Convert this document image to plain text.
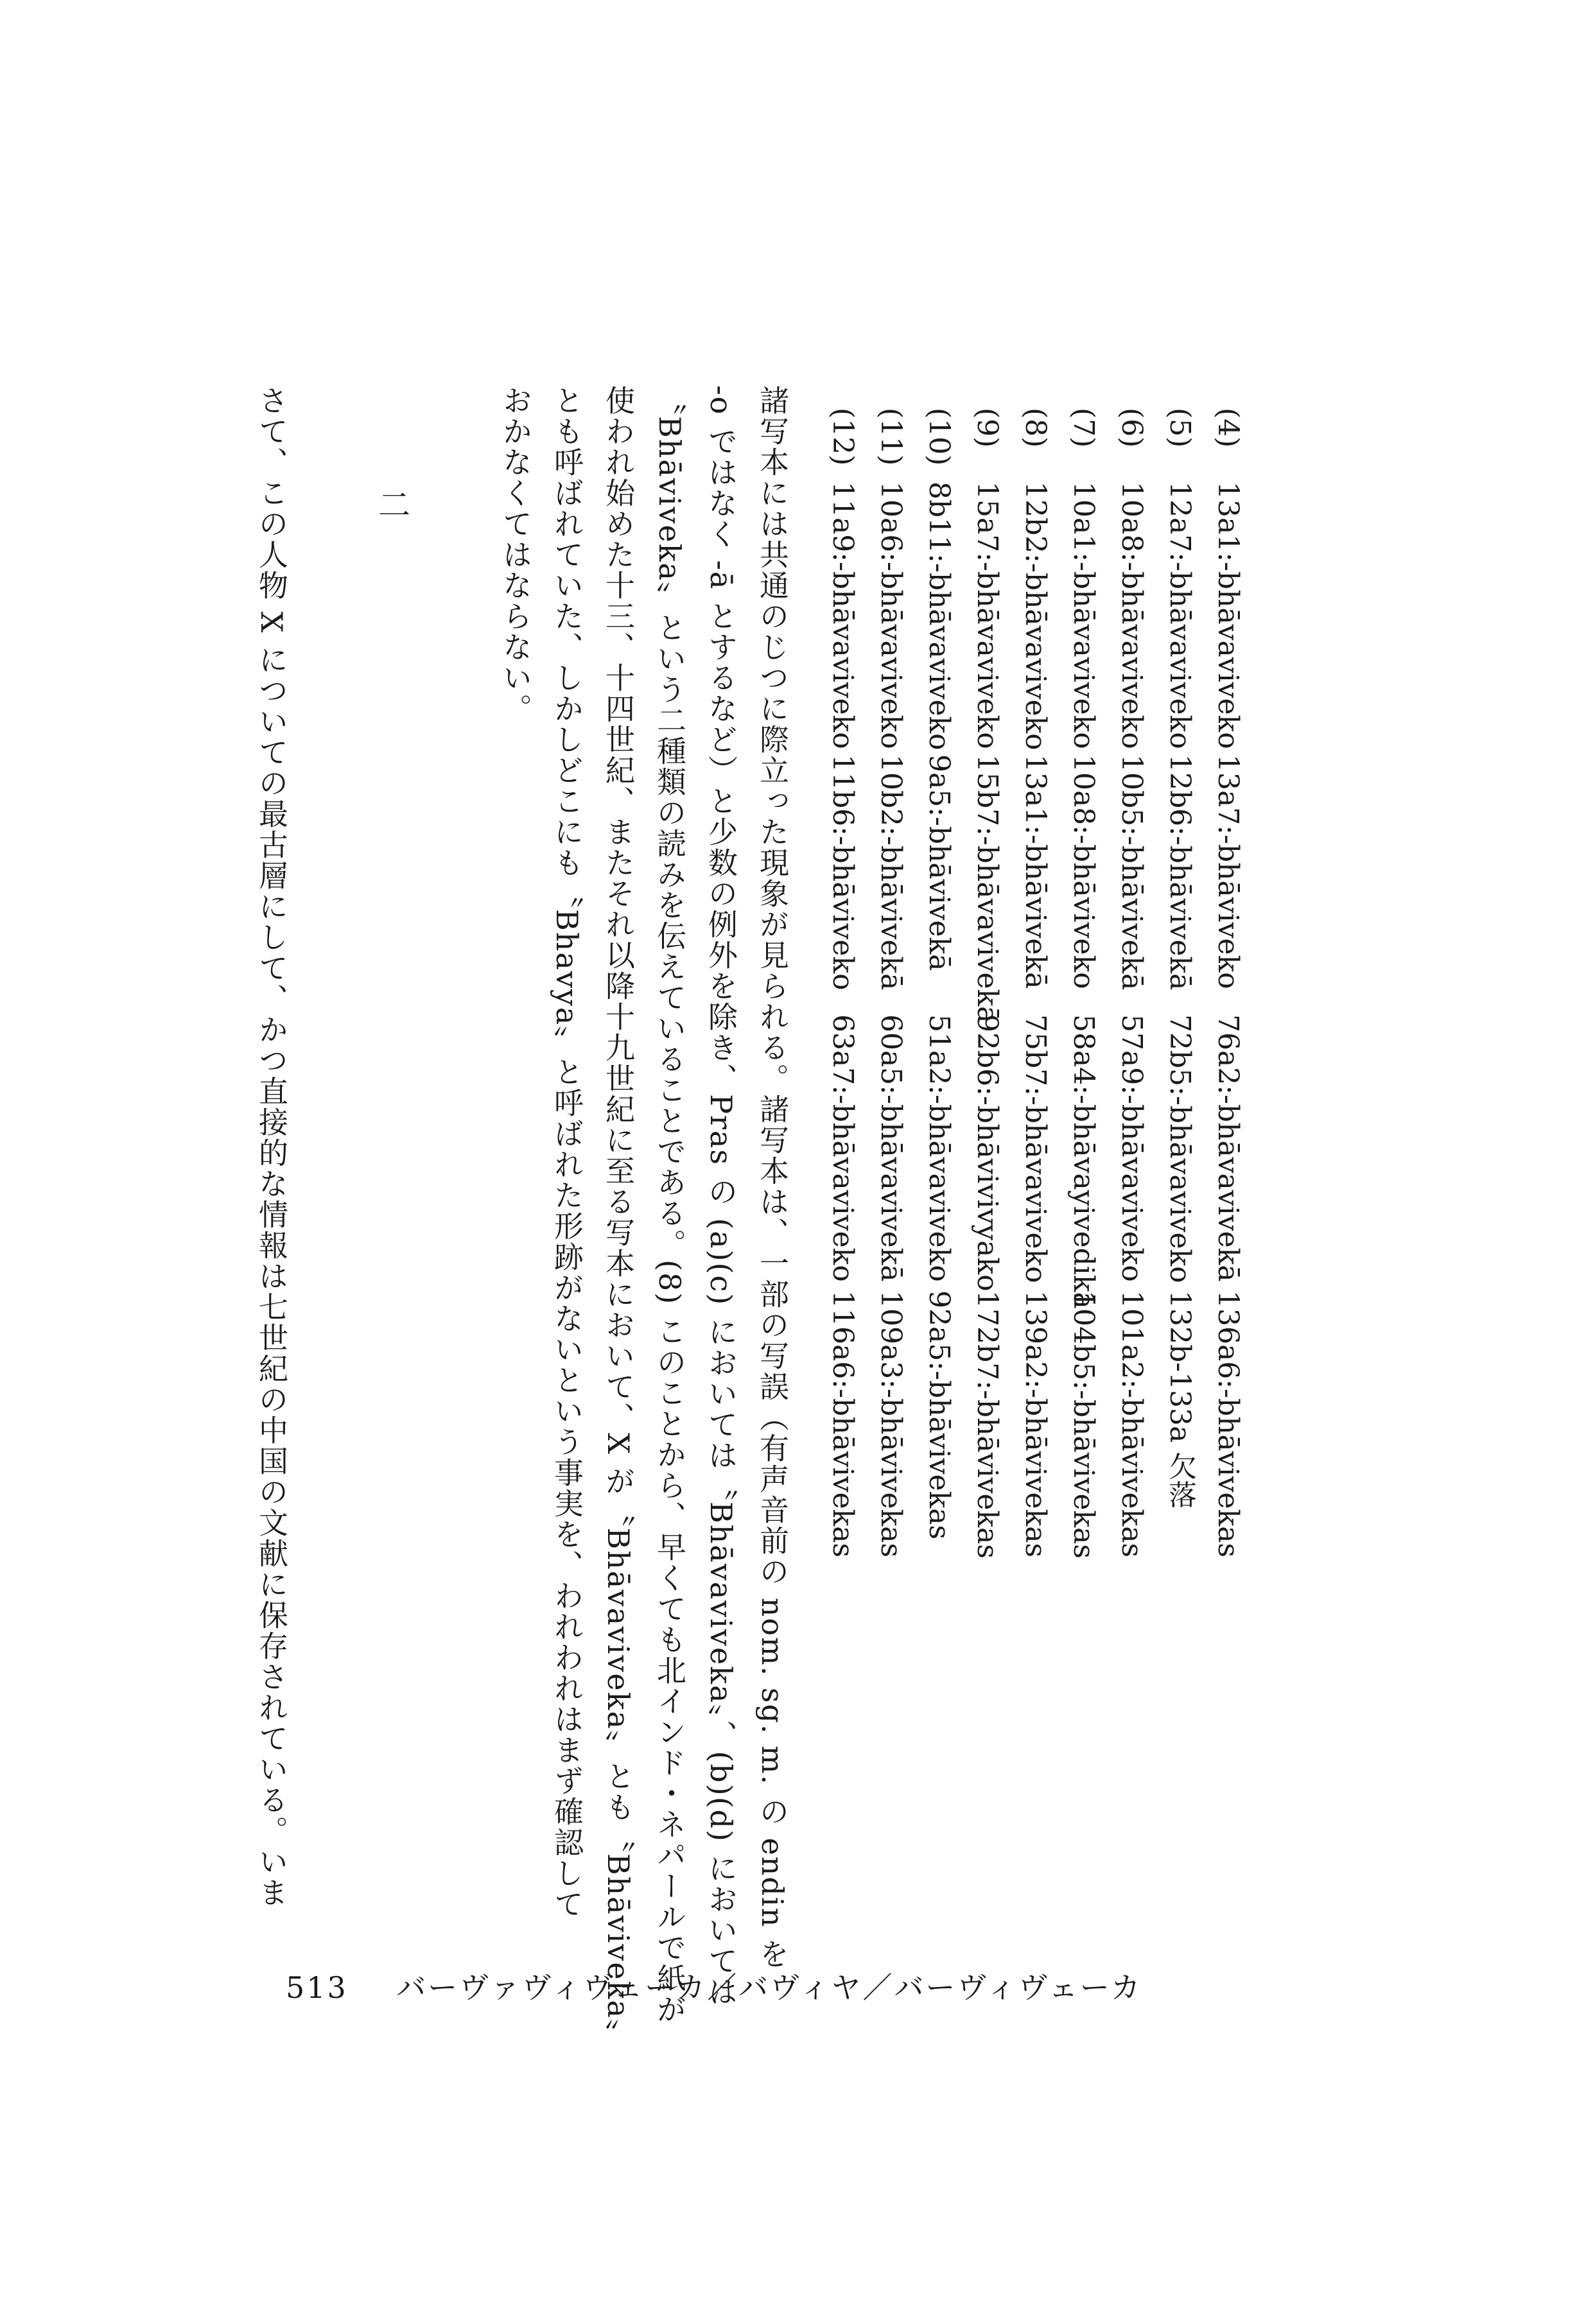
(4)
13a1:-bhāvaviveko
13a7:-bhāviveko
76a2:-bhāvavivekā
136a6:-bhāvivekas
(5)
12a7:-bhāvaviveko
12b6:-bhāvivekā
72b5:-bhāvaviveko
132b-133a 欠落
(6)
10a8:-bhāvaviveko
10b5:-bhāvivekā
57a9:-bhāvaviveko
101a2:-bhāvivekas
(7)
10a1:-bhāvaviveko
10a8:-bhāviveko
58a4:-bhāvayivedikā
104b5:-bhāvivekas
(8)
12b2:-bhāvaviveko
13a1:-bhāvivekā
75b7:-bhāvaviveko
139a2:-bhāvivekas
(9)
15a7:-bhāvaviveko
15b7:-bhāvavivekā
92b6:-bhāvivivyako
172b7:-bhāvivekas
(10)
8b11:-bhāvaviveko
9a5:-bhāvivekā
51a2:-bhāvaviveko
92a5:-bhāvivekas
(11)
10a6:-bhāvaviveko
10b2:-bhāvivekā
60a5:-bhāvavivekā
109a3:-bhāvivekas
(12)
11a9:-bhāvaviveko
11b6:-bhāviveko
63a7:-bhāvaviveko
116a6:-bhāvivekas
諸写本には共通のじつに際立った現象が見られる。諸写本は、一部の写誤（有声音前の nom. sg. m. の endin を
-o ではなく -ā とするなど）と少数の例外を除き、Pras の (a)(c) においては〝Bhāvaviveka〟、(b)(d) においては
〝Bhāviveka〟という二種類の読みを伝えていることである。(8) このことから、早くても北インド・ネパールで紙が
使われ始めた十三、十四世紀、またそれ以降十九世紀に至る写本において、X が〝Bhāvaviveka〟とも〝Bhāviveka〟
とも呼ばれていた、しかしどこにも〝Bhavya〟と呼ばれた形跡がないという事実を、われわれはまず確認して
おかなくてはならない。
二
さて、この人物 X についての最古層にして、かつ直接的な情報は七世紀の中国の文献に保存されている。いま
513 バーヴァヴィヴェーカ／バヴィヤ／バーヴィヴェーカ
